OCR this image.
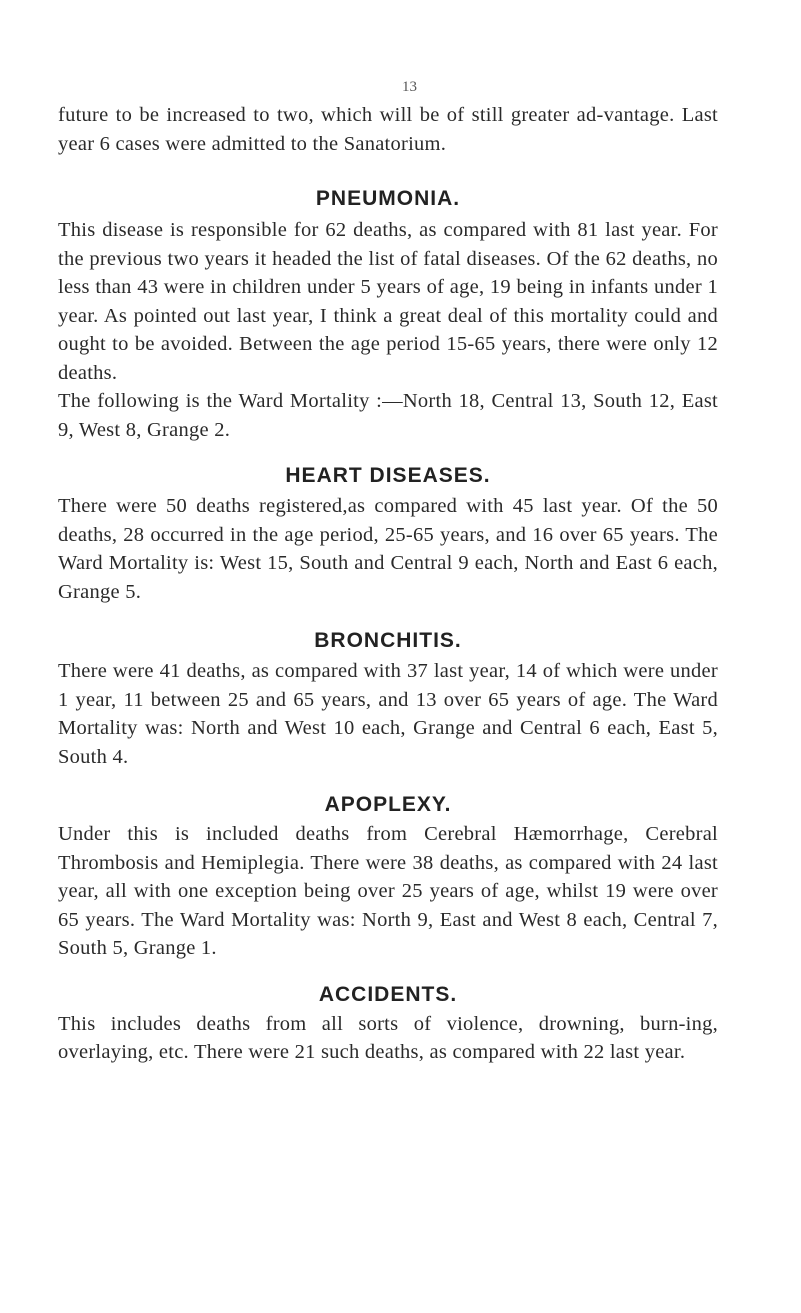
13

future to be increased to two, which will be of still greater ad-vantage. Last year 6 cases were admitted to the Sanatorium.

PNEUMONIA.

This disease is responsible for 62 deaths, as compared with 81 last year. For the previous two years it headed the list of fatal diseases. Of the 62 deaths, no less than 43 were in children under 5 years of age, 19 being in infants under 1 year. As pointed out last year, I think a great deal of this mortality could and ought to be avoided. Between the age period 15-65 years, there were only 12 deaths.

The following is the Ward Mortality :—North 18, Central 13, South 12, East 9, West 8, Grange 2.

HEART DISEASES.

There were 50 deaths registered,as compared with 45 last year. Of the 50 deaths, 28 occurred in the age period, 25-65 years, and 16 over 65 years. The Ward Mortality is: West 15, South and Central 9 each, North and East 6 each, Grange 5.

BRONCHITIS.

There were 41 deaths, as compared with 37 last year, 14 of which were under 1 year, 11 between 25 and 65 years, and 13 over 65 years of age. The Ward Mortality was: North and West 10 each, Grange and Central 6 each, East 5, South 4.

APOPLEXY.

Under this is included deaths from Cerebral Hæmorrhage, Cerebral Thrombosis and Hemiplegia. There were 38 deaths, as compared with 24 last year, all with one exception being over 25 years of age, whilst 19 were over 65 years. The Ward Mortality was: North 9, East and West 8 each, Central 7, South 5, Grange 1.

ACCIDENTS.

This includes deaths from all sorts of violence, drowning, burn-ing, overlaying, etc. There were 21 such deaths, as compared with 22 last year.
